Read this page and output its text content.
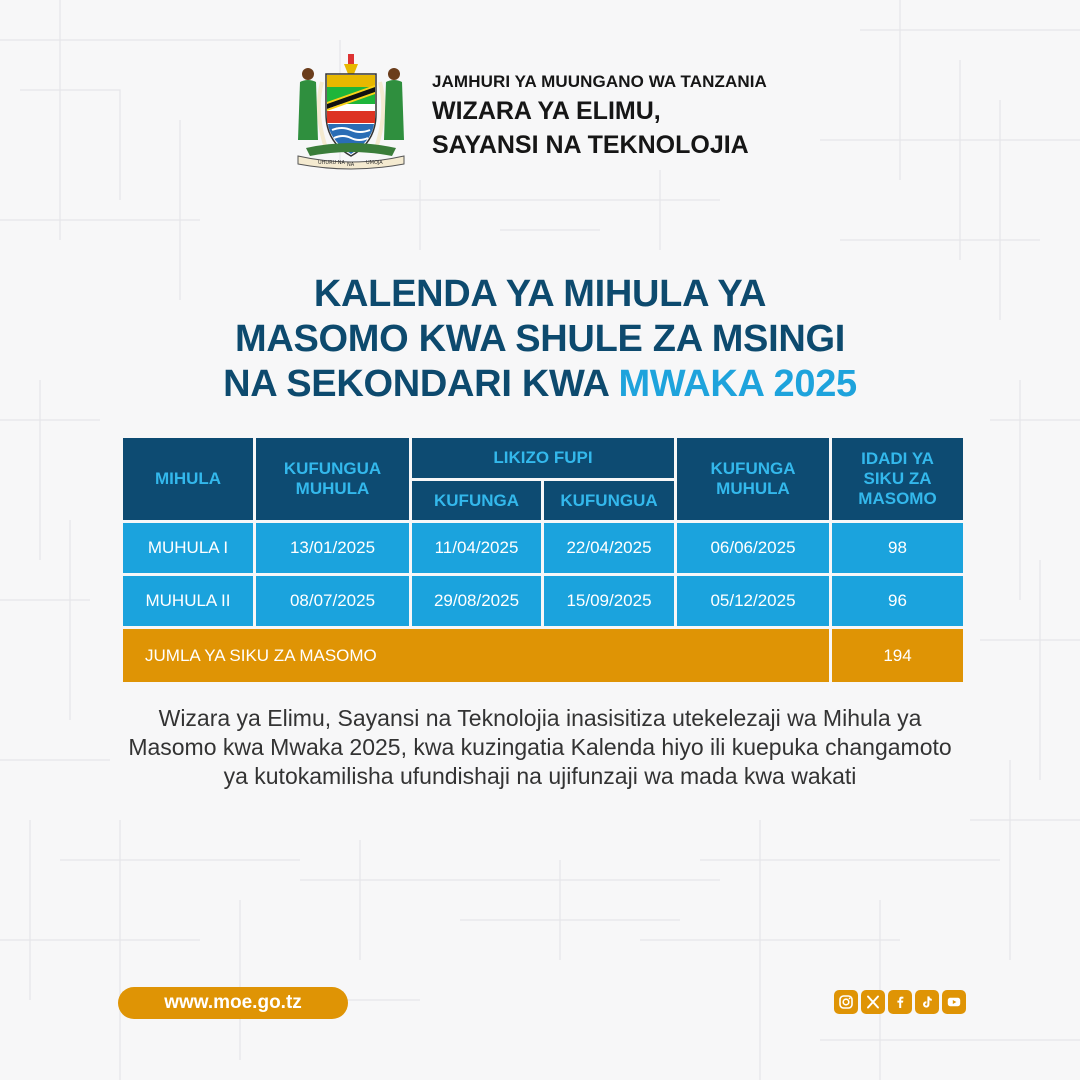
UHURU NA NA UMOJA
JAMHURI YA MUUNGANO WA TANZANIA
WIZARA YA ELIMU,
SAYANSI NA TEKNOLOJIA
KALENDA YA MIHULA YA
MASOMO KWA SHULE ZA MSINGI
NA SEKONDARI KWA MWAKA 2025
MIHULA
KUFUNGUA MUHULA
LIKIZO FUPI
KUFUNGA	KUFUNGUA
KUFUNGA MUHULA
IDADI YA SIKU ZA MASOMO
MUHULA I	13/01/2025	11/04/2025	22/04/2025	06/06/2025	98
MUHULA II	08/07/2025	29/08/2025	15/09/2025	05/12/2025	96
JUMLA YA SIKU ZA MASOMO	194
Wizara ya Elimu, Sayansi na Teknolojia inasisitiza utekelezaji wa Mihula ya Masomo kwa Mwaka 2025, kwa kuzingatia Kalenda hiyo ili kuepuka changamoto ya kutokamilisha ufundishaji na ujifunzaji wa mada kwa wakati
www.moe.go.tz
